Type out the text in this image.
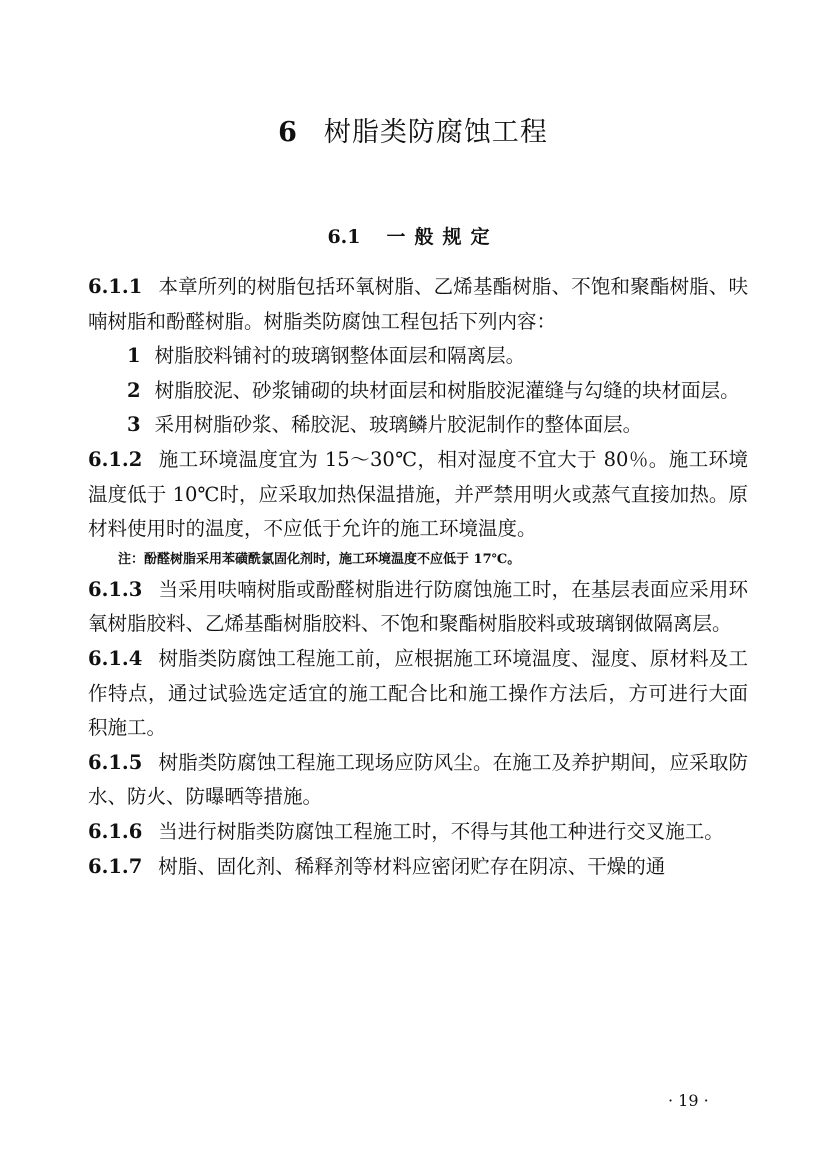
6 树脂类防腐蚀工程
6.1 一般规定

6.1.1 本章所列的树脂包括环氧树脂、乙烯基酯树脂、不饱和聚酯树脂、呋喃树脂和酚醛树脂。树脂类防腐蚀工程包括下列内容：

1 树脂胶料铺衬的玻璃钢整体面层和隔离层。

2 树脂胶泥、砂浆铺砌的块材面层和树脂胶泥灌缝与勾缝的块材面层。

3 采用树脂砂浆、稀胶泥、玻璃鳞片胶泥制作的整体面层。

6.1.2 施工环境温度宜为 15～30℃，相对湿度不宜大于 80％。施工环境温度低于 10℃时，应采取加热保温措施，并严禁用明火或蒸气直接加热。原材料使用时的温度，不应低于允许的施工环境温度。

注：酚醛树脂采用苯磺酰氯固化剂时，施工环境温度不应低于 17℃。

6.1.3 当采用呋喃树脂或酚醛树脂进行防腐蚀施工时，在基层表面应采用环氧树脂胶料、乙烯基酯树脂胶料、不饱和聚酯树脂胶料或玻璃钢做隔离层。

6.1.4 树脂类防腐蚀工程施工前，应根据施工环境温度、湿度、原材料及工作特点，通过试验选定适宜的施工配合比和施工操作方法后，方可进行大面积施工。

6.1.5 树脂类防腐蚀工程施工现场应防风尘。在施工及养护期间，应采取防水、防火、防曝晒等措施。

6.1.6 当进行树脂类防腐蚀工程施工时，不得与其他工种进行交叉施工。

6.1.7 树脂、固化剂、稀释剂等材料应密闭贮存在阴凉、干燥的通

· 19 ·
